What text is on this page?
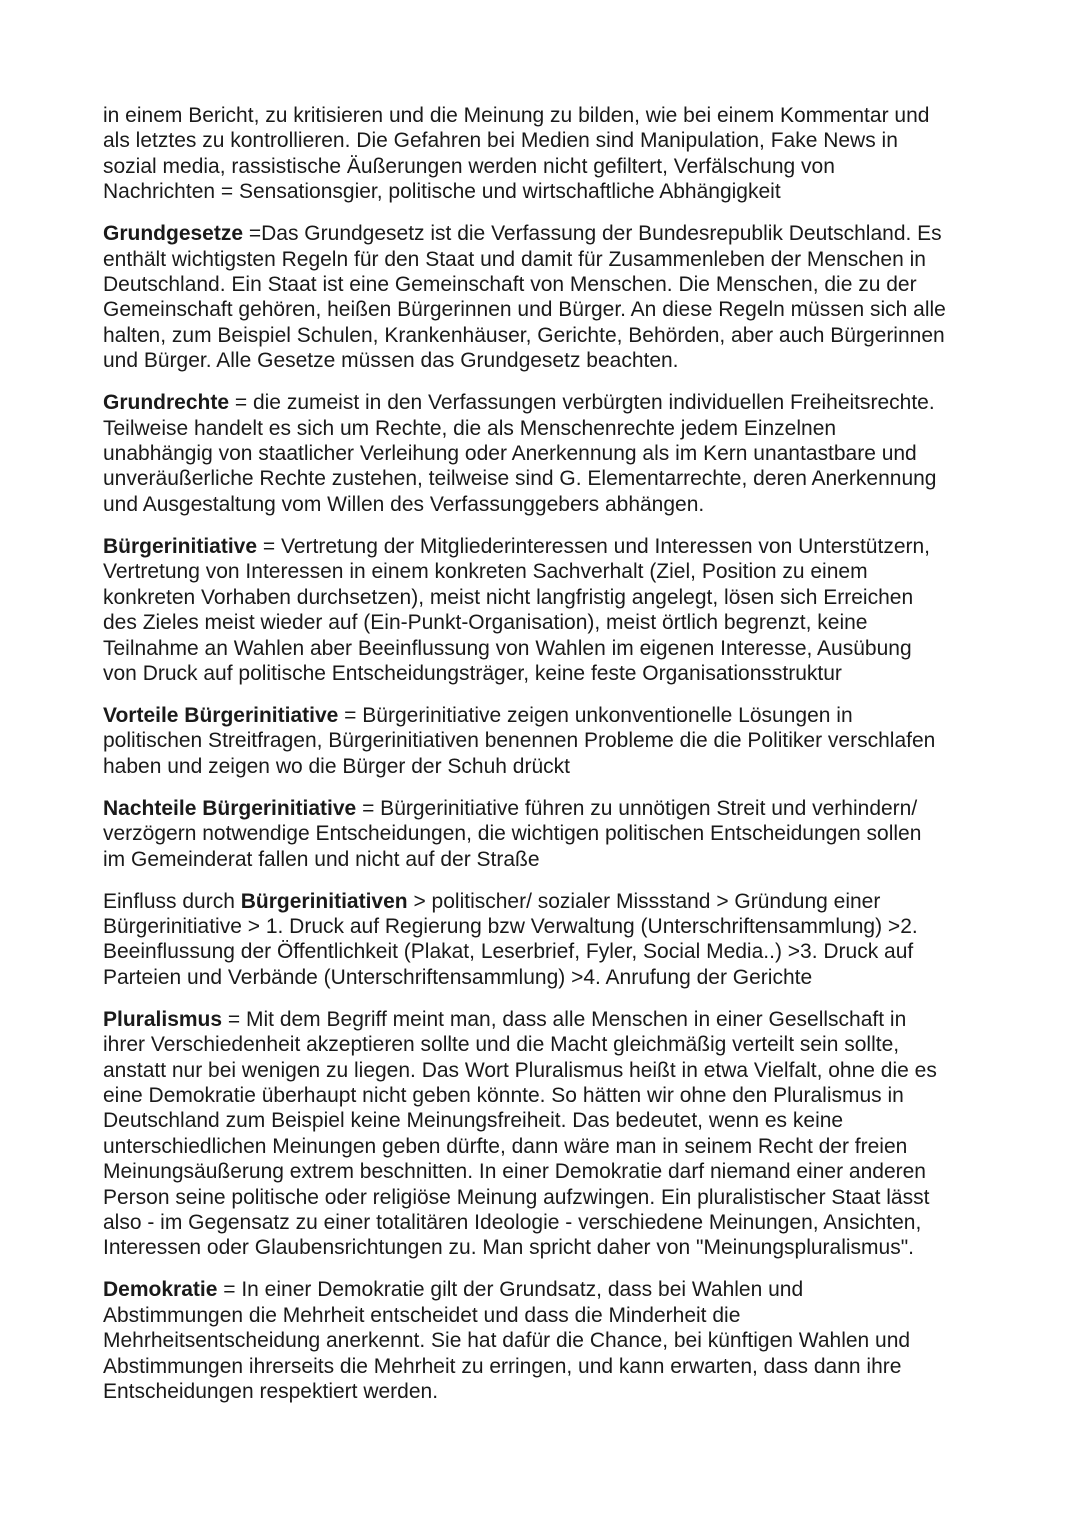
in einem Bericht, zu kritisieren und die Meinung zu bilden, wie bei einem Kommentar und
als letztes zu kontrollieren. Die Gefahren bei Medien sind Manipulation, Fake News in
sozial media, rassistische Äußerungen werden nicht gefiltert, Verfälschung von
Nachrichten = Sensationsgier, politische und wirtschaftliche Abhängigkeit

Grundgesetze =Das Grundgesetz ist die Verfassung der Bundesrepublik Deutschland. Es
enthält wichtigsten Regeln für den Staat und damit für Zusammenleben der Menschen in
Deutschland. Ein Staat ist eine Gemeinschaft von Menschen. Die Menschen, die zu der
Gemeinschaft gehören, heißen Bürgerinnen und Bürger. An diese Regeln müssen sich alle
halten, zum Beispiel Schulen, Krankenhäuser, Gerichte, Behörden, aber auch Bürgerinnen
und Bürger. Alle Gesetze müssen das Grundgesetz beachten.

Grundrechte = die zumeist in den Verfassungen verbürgten individuellen Freiheitsrechte.
Teilweise handelt es sich um Rechte, die als Menschenrechte jedem Einzelnen
unabhängig von staatlicher Verleihung oder Anerkennung als im Kern unantastbare und
unveräußerliche Rechte zustehen, teilweise sind G. Elementarrechte, deren Anerkennung
und Ausgestaltung vom Willen des Verfassunggebers abhängen.

Bürgerinitiative = Vertretung der Mitgliederinteressen und Interessen von Unterstützern,
Vertretung von Interessen in einem konkreten Sachverhalt (Ziel, Position zu einem
konkreten Vorhaben durchsetzen), meist nicht langfristig angelegt, lösen sich Erreichen
des Zieles meist wieder auf (Ein-Punkt-Organisation), meist örtlich begrenzt, keine
Teilnahme an Wahlen aber Beeinflussung von Wahlen im eigenen Interesse, Ausübung
von Druck auf politische Entscheidungsträger, keine feste Organisationsstruktur

Vorteile Bürgerinitiative = Bürgerinitiative zeigen unkonventionelle Lösungen in
politischen Streitfragen, Bürgerinitiativen benennen Probleme die die Politiker verschlafen
haben und zeigen wo die Bürger der Schuh drückt

Nachteile Bürgerinitiative = Bürgerinitiative führen zu unnötigen Streit und verhindern/
verzögern notwendige Entscheidungen, die wichtigen politischen Entscheidungen sollen
im Gemeinderat fallen und nicht auf der Straße

Einfluss durch Bürgerinitiativen > politischer/ sozialer Missstand > Gründung einer
Bürgerinitiative > 1. Druck auf Regierung bzw Verwaltung (Unterschriftensammlung) >2.
Beeinflussung der Öffentlichkeit (Plakat, Leserbrief, Fyler, Social Media..) >3. Druck auf
Parteien und Verbände (Unterschriftensammlung) >4. Anrufung der Gerichte

Pluralismus = Mit dem Begriff meint man, dass alle Menschen in einer Gesellschaft in
ihrer Verschiedenheit akzeptieren sollte und die Macht gleichmäßig verteilt sein sollte,
anstatt nur bei wenigen zu liegen. Das Wort Pluralismus heißt in etwa Vielfalt, ohne die es
eine Demokratie überhaupt nicht geben könnte. So hätten wir ohne den Pluralismus in
Deutschland zum Beispiel keine Meinungsfreiheit. Das bedeutet, wenn es keine
unterschiedlichen Meinungen geben dürfte, dann wäre man in seinem Recht der freien
Meinungsäußerung extrem beschnitten. In einer Demokratie darf niemand einer anderen
Person seine politische oder religiöse Meinung aufzwingen. Ein pluralistischer Staat lässt
also - im Gegensatz zu einer totalitären Ideologie - verschiedene Meinungen, Ansichten,
Interessen oder Glaubensrichtungen zu. Man spricht daher von "Meinungspluralismus".

Demokratie = In einer Demokratie gilt der Grundsatz, dass bei Wahlen und
Abstimmungen die Mehrheit entscheidet und dass die Minderheit die
Mehrheitsentscheidung anerkennt. Sie hat dafür die Chance, bei künftigen Wahlen und
Abstimmungen ihrerseits die Mehrheit zu erringen, und kann erwarten, dass dann ihre
Entscheidungen respektiert werden.
